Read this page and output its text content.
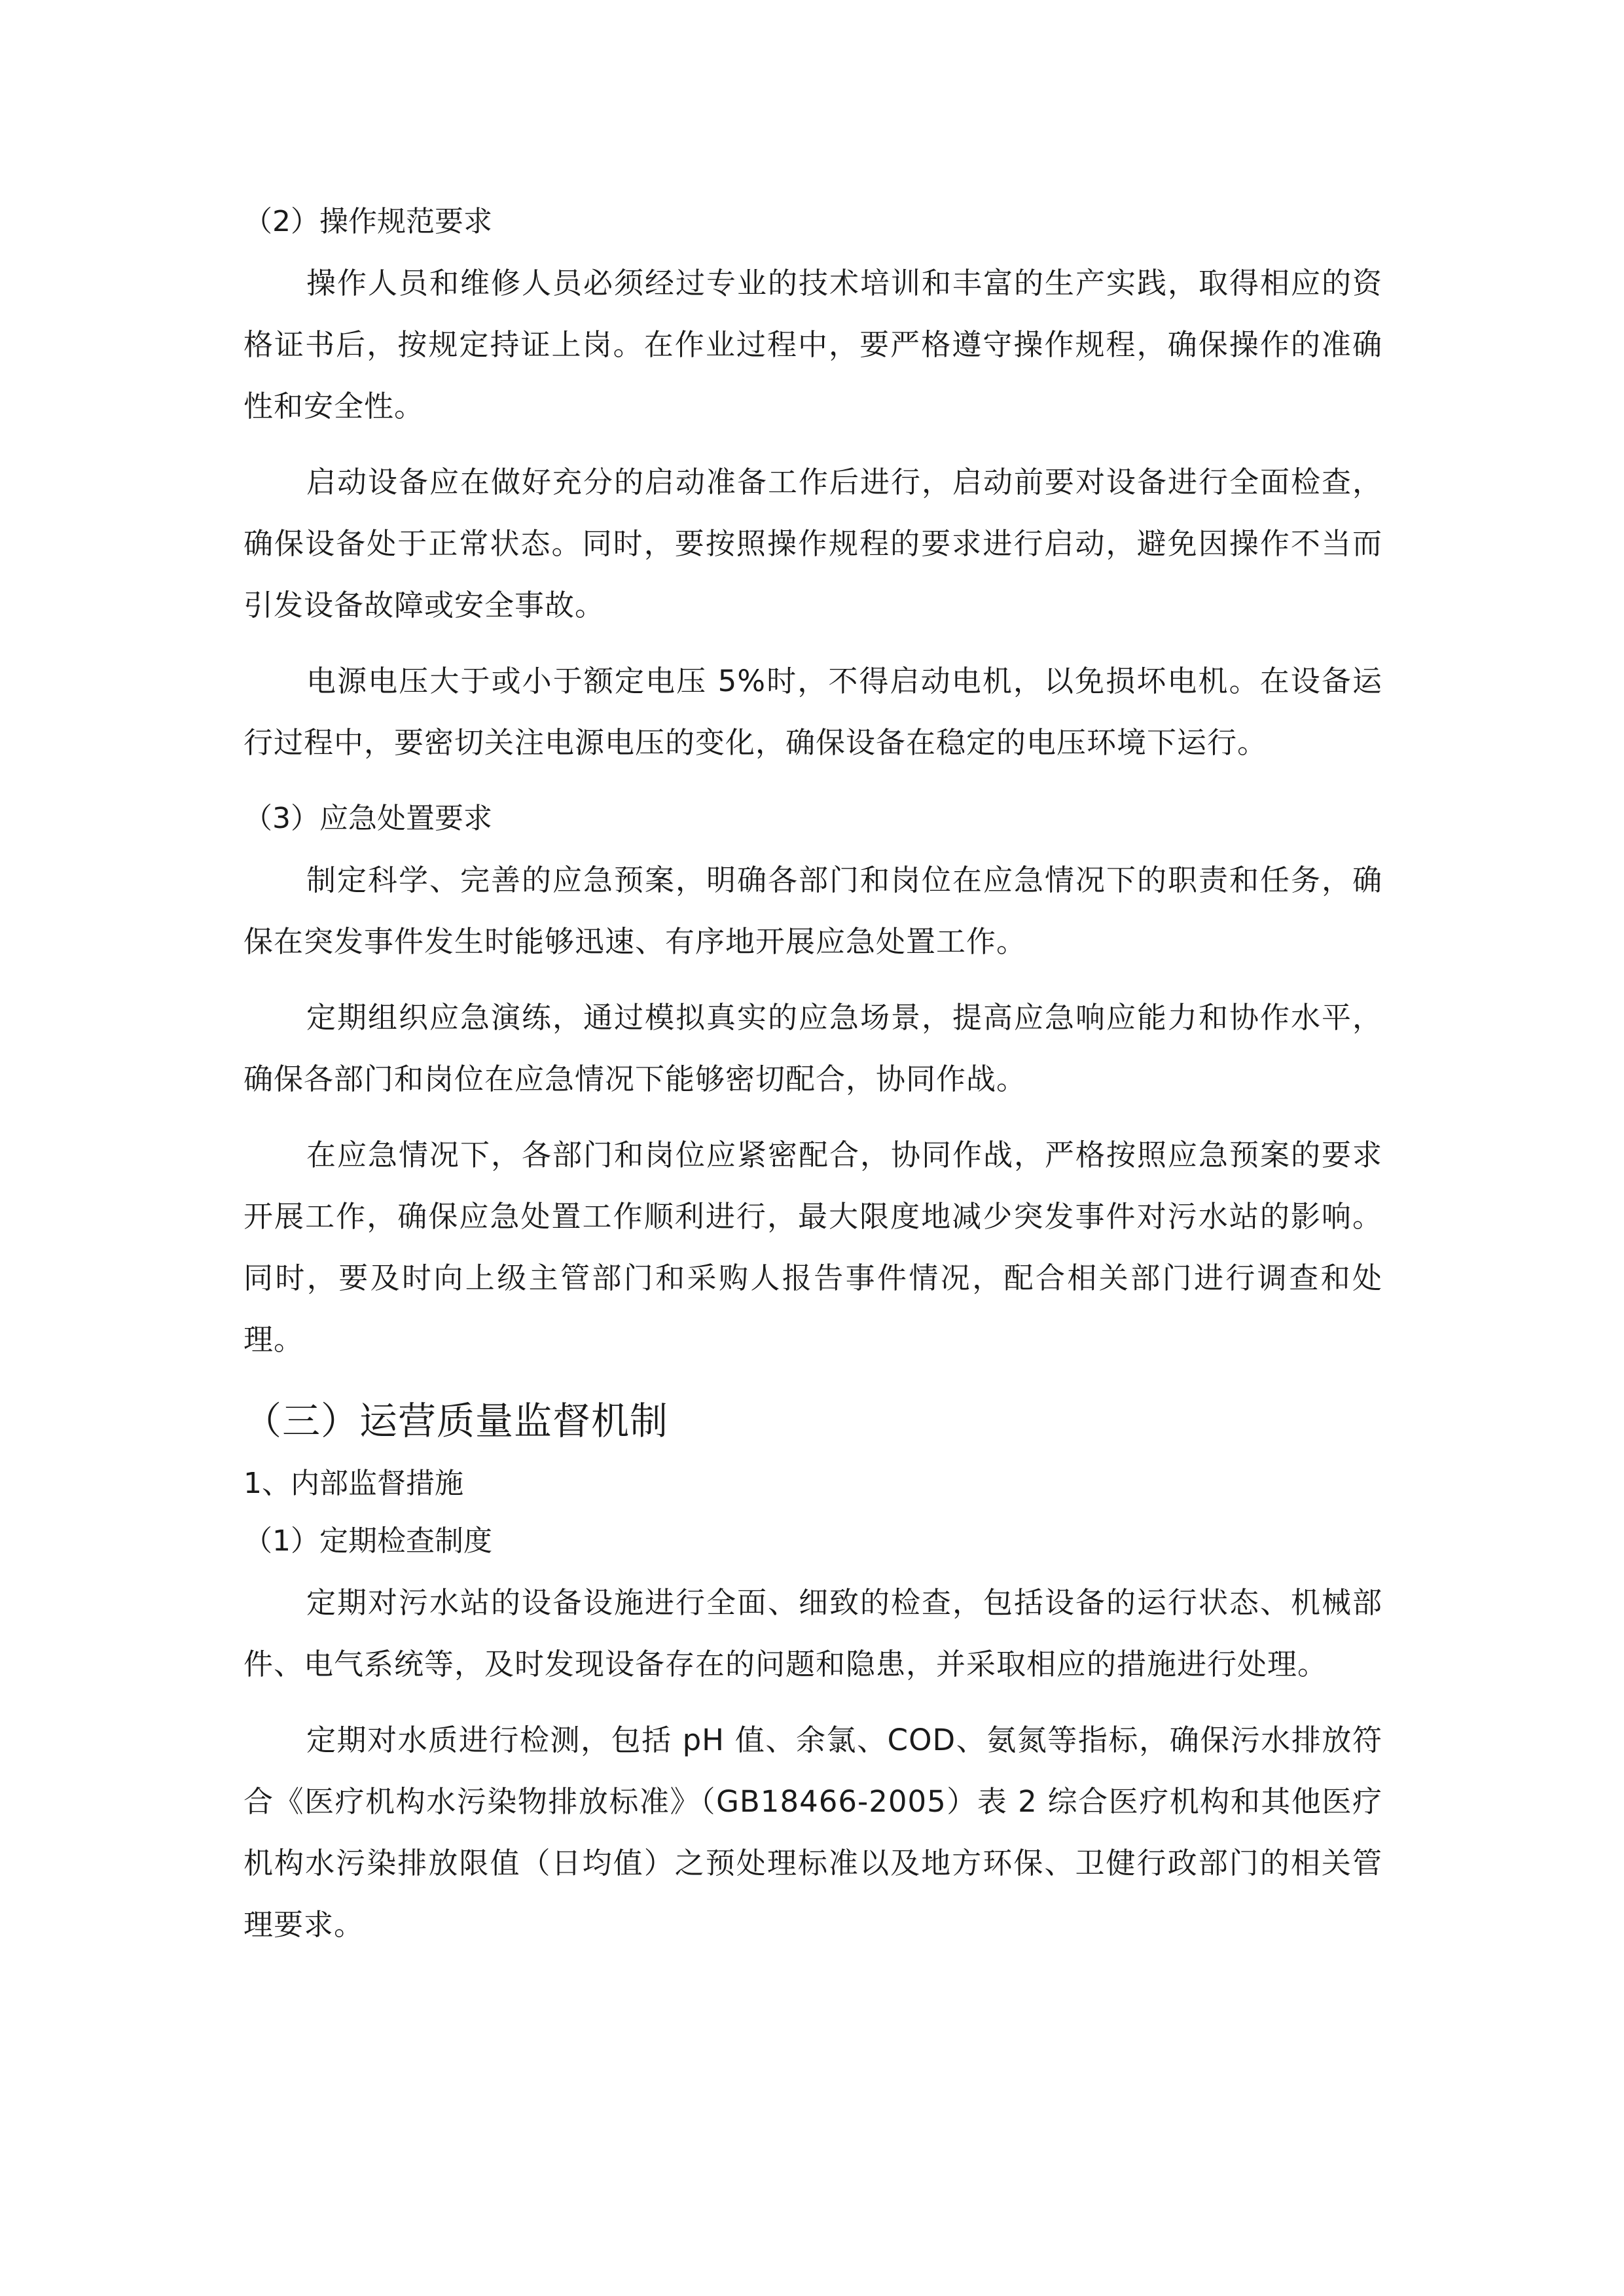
（2）操作规范要求

操作人员和维修人员必须经过专业的技术培训和丰富的生产实践，取得相应的资格证书后，按规定持证上岗。在作业过程中，要严格遵守操作规程，确保操作的准确性和安全性。

启动设备应在做好充分的启动准备工作后进行，启动前要对设备进行全面检查，确保设备处于正常状态。同时，要按照操作规程的要求进行启动，避免因操作不当而引发设备故障或安全事故。

电源电压大于或小于额定电压 5%时，不得启动电机，以免损坏电机。在设备运行过程中，要密切关注电源电压的变化，确保设备在稳定的电压环境下运行。

（3）应急处置要求

制定科学、完善的应急预案，明确各部门和岗位在应急情况下的职责和任务，确保在突发事件发生时能够迅速、有序地开展应急处置工作。

定期组织应急演练，通过模拟真实的应急场景，提高应急响应能力和协作水平，确保各部门和岗位在应急情况下能够密切配合，协同作战。

在应急情况下，各部门和岗位应紧密配合，协同作战，严格按照应急预案的要求开展工作，确保应急处置工作顺利进行，最大限度地减少突发事件对污水站的影响。同时，要及时向上级主管部门和采购人报告事件情况，配合相关部门进行调查和处理。

（三）运营质量监督机制

1、内部监督措施

（1）定期检查制度

定期对污水站的设备设施进行全面、细致的检查，包括设备的运行状态、机械部件、电气系统等，及时发现设备存在的问题和隐患，并采取相应的措施进行处理。

定期对水质进行检测，包括 pH 值、余氯、COD、氨氮等指标，确保污水排放符合《医疗机构水污染物排放标准》（GB18466-2005）表 2 综合医疗机构和其他医疗机构水污染排放限值（日均值）之预处理标准以及地方环保、卫健行政部门的相关管理要求。
